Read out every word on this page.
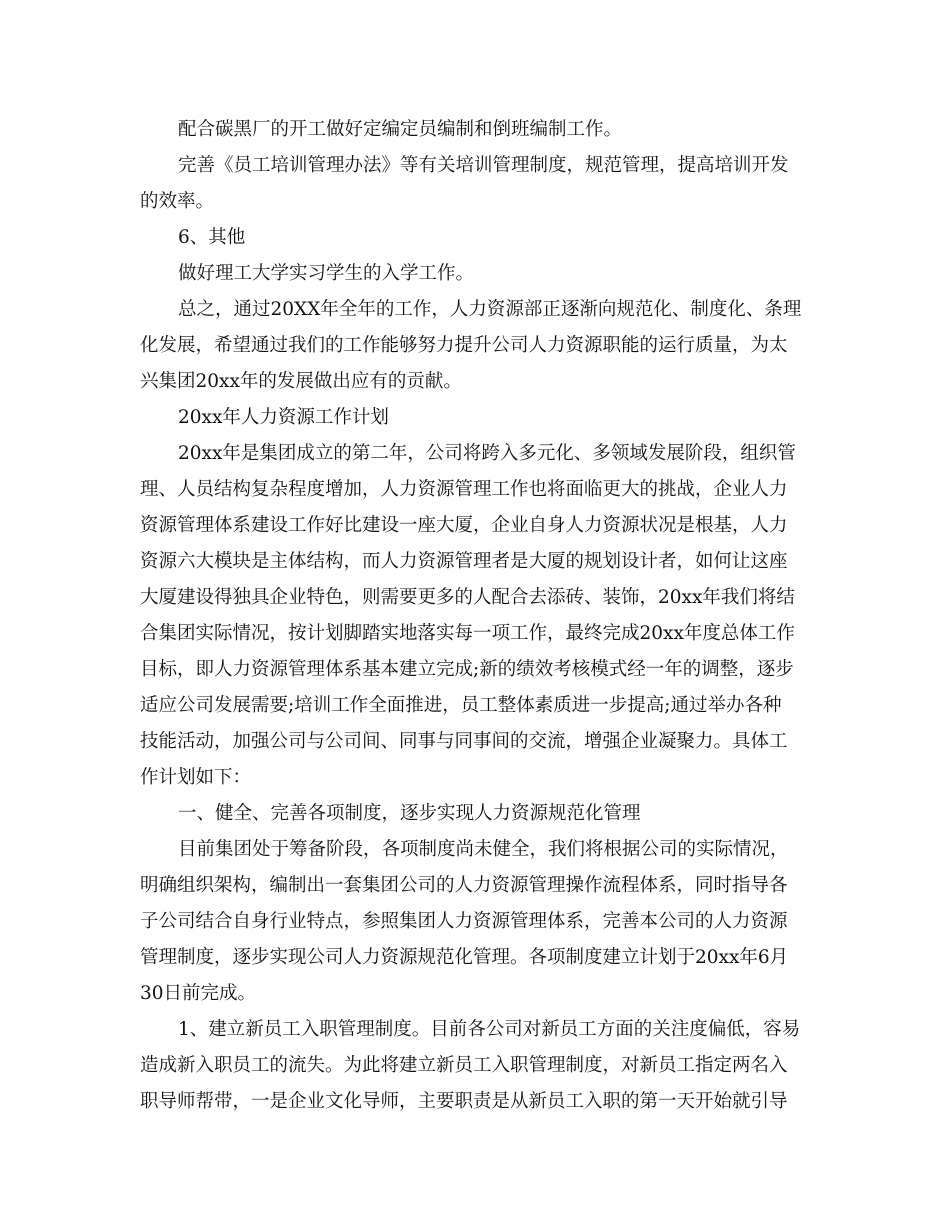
配合碳黑厂的开工做好定编定员编制和倒班编制工作。
完善《员工培训管理办法》等有关培训管理制度，规范管理，提高培训开发
的效率。
6、其他
做好理工大学实习学生的入学工作。
总之，通过20XX年全年的工作，人力资源部正逐渐向规范化、制度化、条理
化发展，希望通过我们的工作能够努力提升公司人力资源职能的运行质量，为太
兴集团20xx年的发展做出应有的贡献。
20xx年人力资源工作计划
20xx年是集团成立的第二年，公司将跨入多元化、多领域发展阶段，组织管
理、人员结构复杂程度增加，人力资源管理工作也将面临更大的挑战，企业人力
资源管理体系建设工作好比建设一座大厦，企业自身人力资源状况是根基，人力
资源六大模块是主体结构，而人力资源管理者是大厦的规划设计者，如何让这座
大厦建设得独具企业特色，则需要更多的人配合去添砖、装饰，20xx年我们将结
合集团实际情况，按计划脚踏实地落实每一项工作，最终完成20xx年度总体工作
目标，即人力资源管理体系基本建立完成;新的绩效考核模式经一年的调整，逐步
适应公司发展需要;培训工作全面推进，员工整体素质进一步提高;通过举办各种
技能活动，加强公司与公司间、同事与同事间的交流，增强企业凝聚力。具体工
作计划如下：
一、健全、完善各项制度，逐步实现人力资源规范化管理
目前集团处于筹备阶段，各项制度尚未健全，我们将根据公司的实际情况，
明确组织架构，编制出一套集团公司的人力资源管理操作流程体系，同时指导各
子公司结合自身行业特点，参照集团人力资源管理体系，完善本公司的人力资源
管理制度，逐步实现公司人力资源规范化管理。各项制度建立计划于20xx年6月
30日前完成。
1、建立新员工入职管理制度。目前各公司对新员工方面的关注度偏低，容易
造成新入职员工的流失。为此将建立新员工入职管理制度，对新员工指定两名入
职导师帮带，一是企业文化导师，主要职责是从新员工入职的第一天开始就引导
